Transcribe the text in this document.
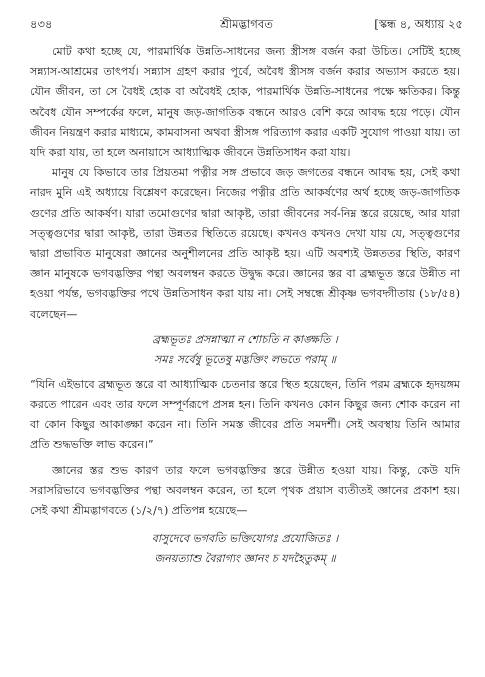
৪৩৪	শ্রীমদ্ভাগবত	[স্কন্ধ ৪, অধ্যায় ২৫

মোট কথা হচ্ছে যে, পারমার্থিক উন্নতি-সাধনের জন্য স্ত্রীসঙ্গ বর্জন করা উচিত। সেটিই হচ্ছে সন্ন্যাস-আশ্রমের তাৎপর্য। সন্ন্যাস গ্রহণ করার পূর্বে, অবৈধ স্ত্রীসঙ্গ বর্জন করার অভ্যাস করতে হয়। যৌন জীবন, তা সে বৈধই হোক বা অবৈধই হোক, পারমার্থিক উন্নতি-সাধনের পক্ষে ক্ষতিকর। কিন্তু অবৈধ যৌন সম্পর্কের ফলে, মানুষ জড়-জাগতিক বন্ধনে আরও বেশি করে আবদ্ধ হয়ে পড়ে। যৌন জীবন নিয়ন্ত্রণ করার মাধ্যমে, কামবাসনা অথবা স্ত্রীসঙ্গ পরিত্যাগ করার একটি সুযোগ পাওয়া যায়। তা যদি করা যায়, তা হলে অনায়াসে আধ্যাত্মিক জীবনে উন্নতিসাধন করা যায়।

মানুষ যে কিভাবে তার প্রিয়তমা পত্নীর সঙ্গ প্রভাবে জড় জগতের বন্ধনে আবদ্ধ হয়, সেই কথা নারদ মুনি এই অধ্যায়ে বিশ্লেষণ করেছেন। নিজের পত্নীর প্রতি আকর্ষণের অর্থ হচ্ছে জড়-জাগতিক গুণের প্রতি আকর্ষণ। যারা তমোগুণের দ্বারা আকৃষ্ট, তারা জীবনের সর্ব-নিম্ন স্তরে রয়েছে, আর যারা সত্ত্বগুণের দ্বারা আকৃষ্ট, তারা উন্নতর স্থিতিতে রয়েছে। কখনও কখনও দেখা যায় যে, সত্ত্বগুণের দ্বারা প্রভাবিত মানুষেরা জ্ঞানের অনুশীলনের প্রতি আকৃষ্ট হয়। এটি অবশ্যই উন্নততর স্থিতি, কারণ জ্ঞান মানুষকে ভগবদ্ভক্তির পন্থা অবলম্বন করতে উদ্বুদ্ধ করে। জ্ঞানের স্তর বা ব্রহ্মভূত স্তরে উন্নীত না হওয়া পর্যন্ত, ভগবদ্ভক্তির পথে উন্নতিসাধন করা যায় না। সেই সম্বন্ধে শ্রীকৃষ্ণ ভগবদ্গীতায় (১৮/৫৪) বলেছেন—

ব্রহ্মভূতঃ প্রসন্নাত্মা ন শোচতি ন কাঙ্ক্ষতি ।
সমঃ সর্বেষু ভূতেষু মদ্ভক্তিং লভতে পরাম্ ॥

“যিনি এইভাবে ব্রহ্মভূত স্তরে বা আধ্যাত্মিক চেতনার স্তরে স্থিত হয়েছেন, তিনি পরম ব্রহ্মকে হৃদয়ঙ্গম করতে পারেন এবং তার ফলে সম্পূর্ণরূপে প্রসন্ন হন। তিনি কখনও কোন কিছুর জন্য শোক করেন না বা কোন কিছুর আকাঙ্ক্ষা করেন না। তিনি সমস্ত জীবের প্রতি সমদর্শী। সেই অবস্থায় তিনি আমার প্রতি শুদ্ধভক্তি লাভ করেন।”

জ্ঞানের স্তর শুভ কারণ তার ফলে ভগবদ্ভক্তির স্তরে উন্নীত হওয়া যায়। কিন্তু, কেউ যদি সরাসরিভাবে ভগবদ্ভক্তির পন্থা অবলম্বন করেন, তা হলে পৃথক প্রয়াস ব্যতীতই জ্ঞানের প্রকাশ হয়। সেই কথা শ্রীমদ্ভাগবতে (১/২/৭) প্রতিপন্ন হয়েছে—

বাসুদেবে ভগবতি ভক্তিযোগঃ প্রযোজিতঃ ।
জনয়ত্যাশু বৈরাগ্যং জ্ঞানং চ যদহৈতুকম্ ॥
